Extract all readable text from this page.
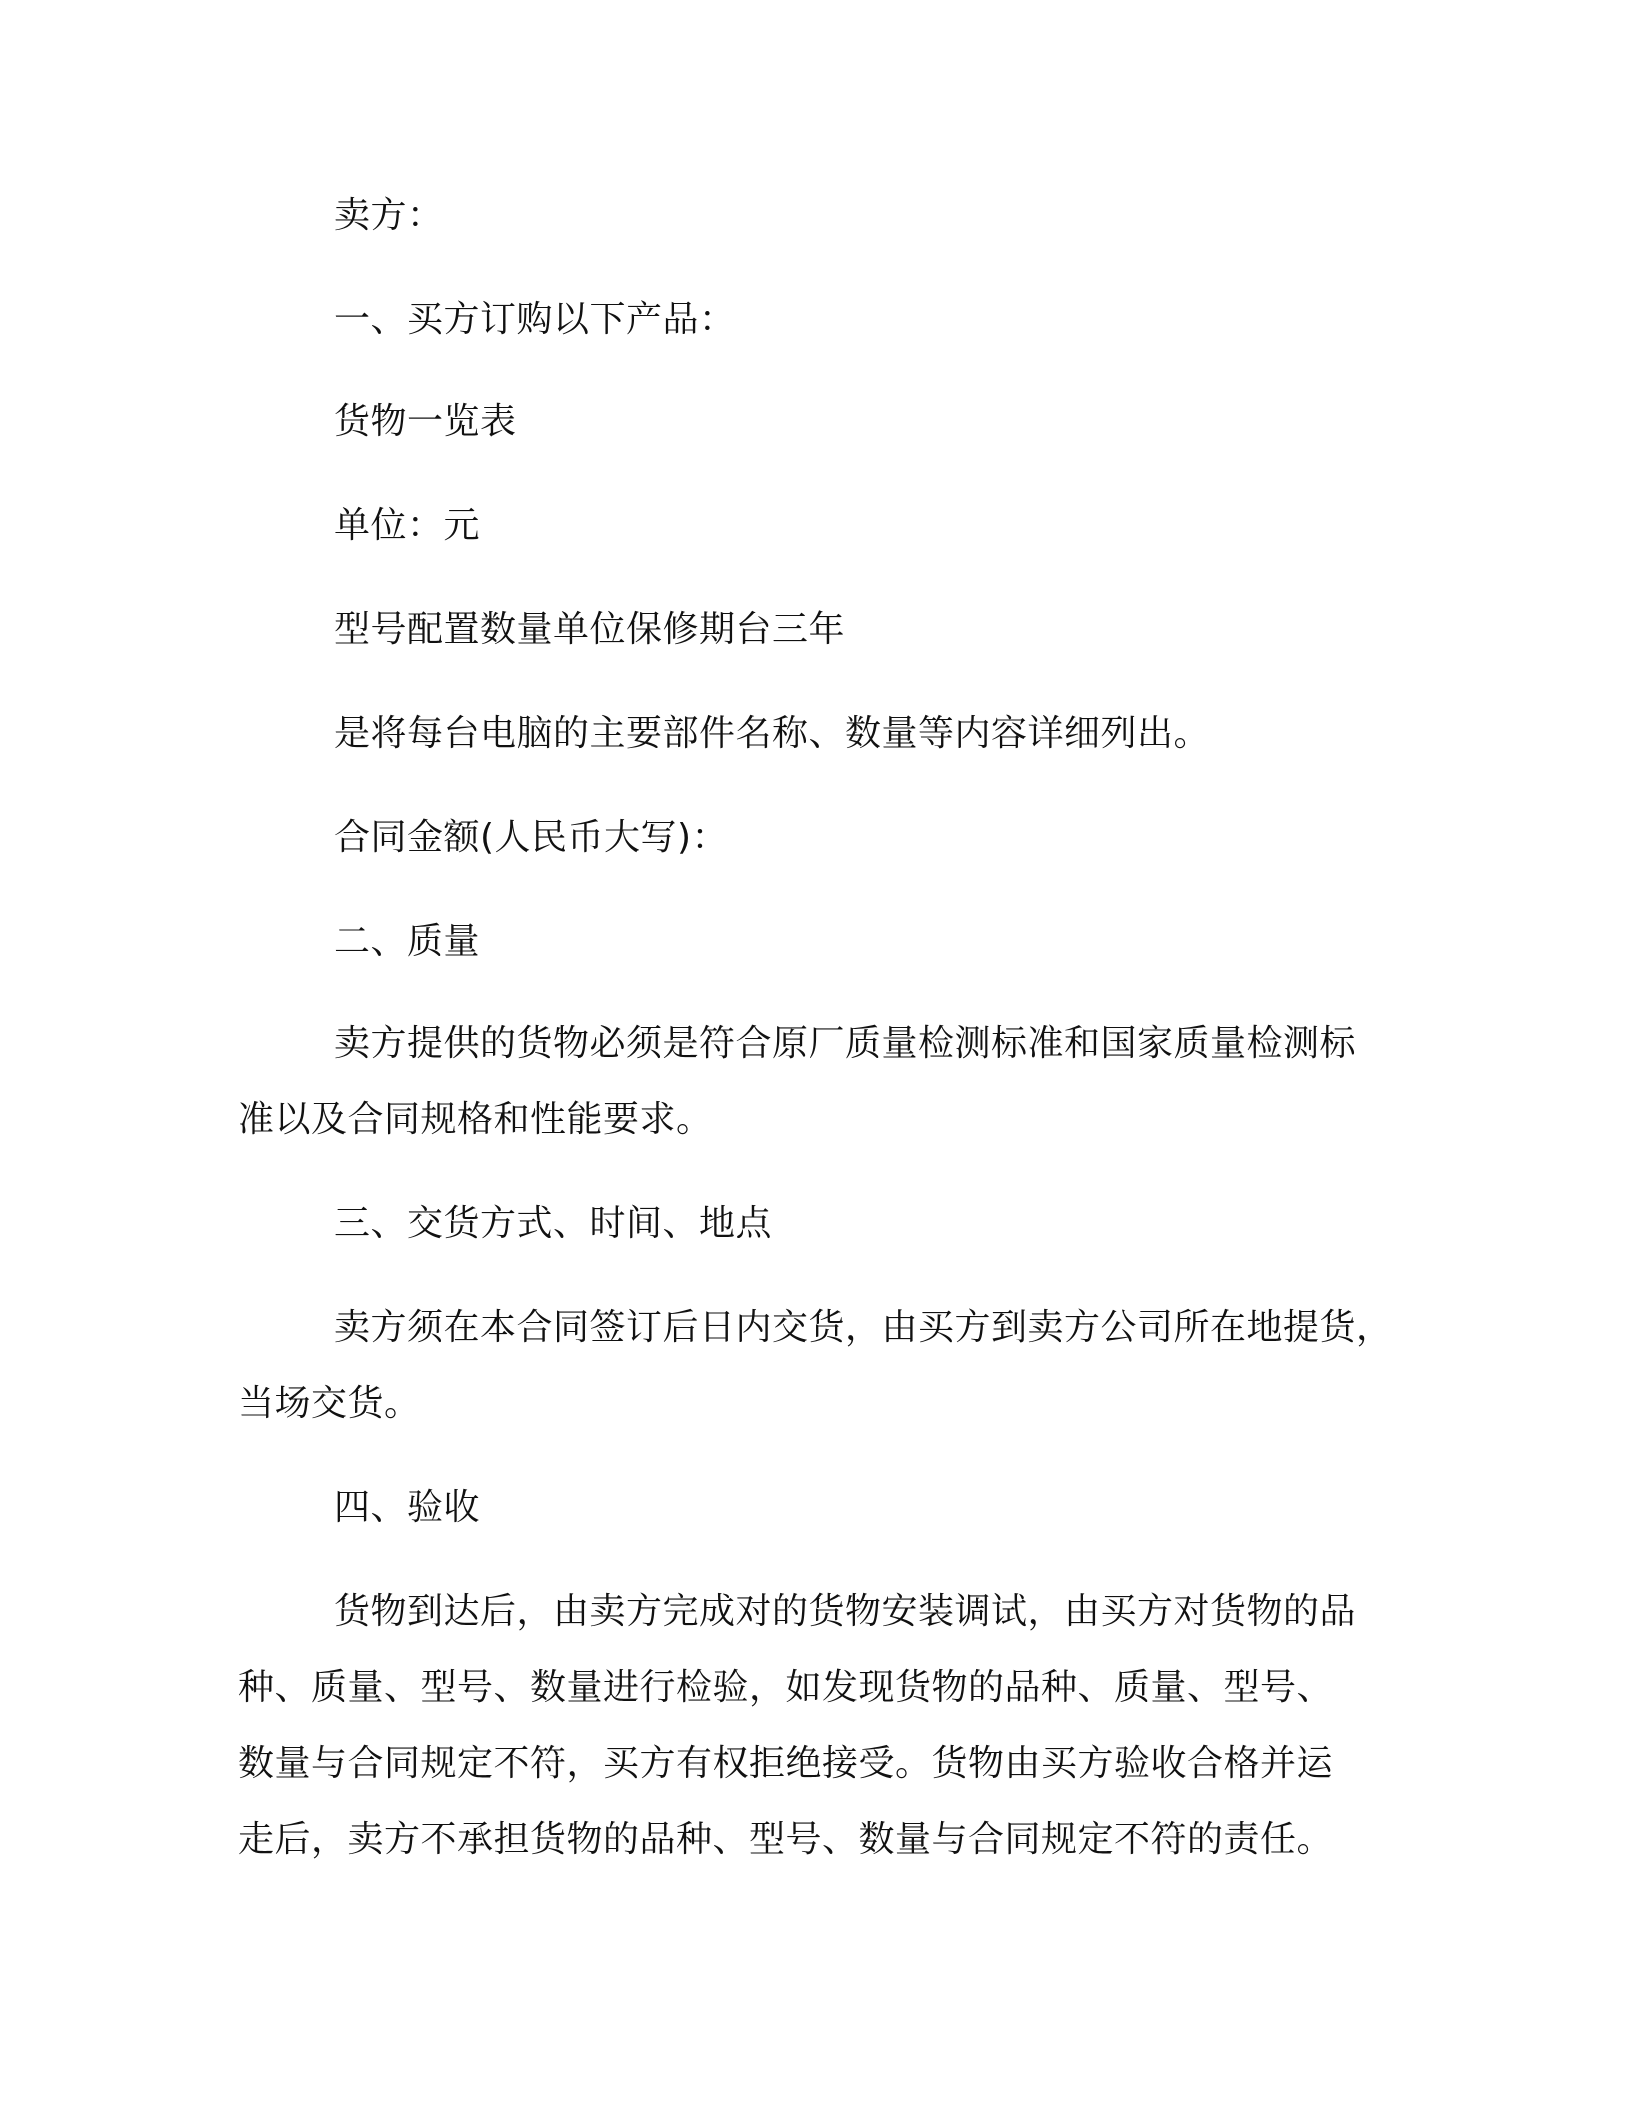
卖方：

一、买方订购以下产品：

货物一览表

单位：元

型号配置数量单位保修期台三年

是将每台电脑的主要部件名称、数量等内容详细列出。

合同金额(人民币大写)：

二、质量

卖方提供的货物必须是符合原厂质量检测标准和国家质量检测标

准以及合同规格和性能要求。

三、交货方式、时间、地点

卖方须在本合同签订后日内交货，由买方到卖方公司所在地提货，

当场交货。

四、验收

货物到达后，由卖方完成对的货物安装调试，由买方对货物的品

种、质量、型号、数量进行检验，如发现货物的品种、质量、型号、

数量与合同规定不符，买方有权拒绝接受。货物由买方验收合格并运

走后，卖方不承担货物的品种、型号、数量与合同规定不符的责任。
